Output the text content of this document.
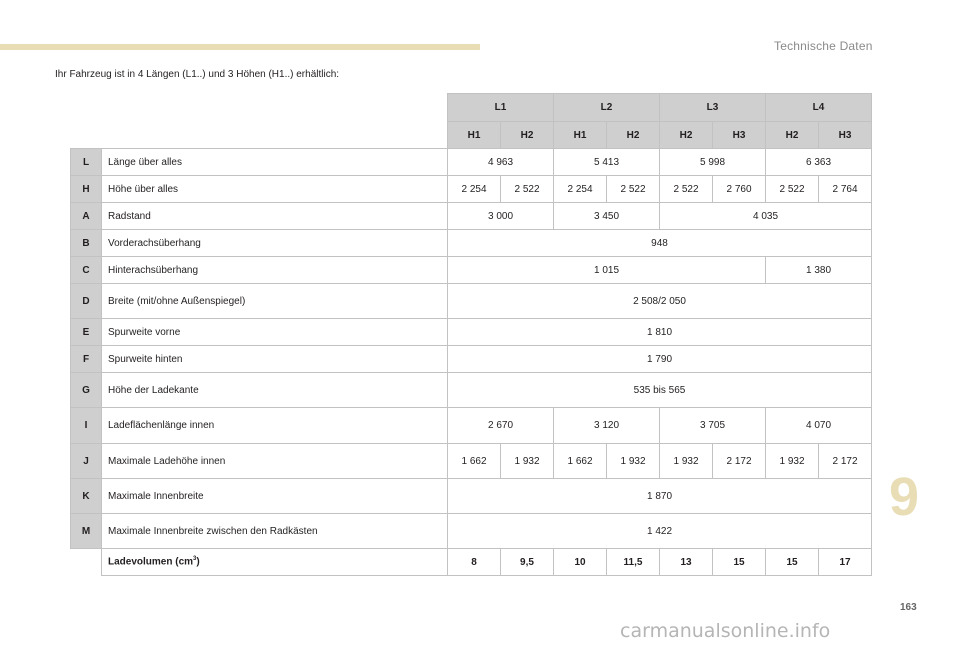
Technische Daten
Ihr Fahrzeug ist in 4 Längen (L1..) und 3 Höhen (H1..) erhältlich:
		L1		L2		L3		L4	
		H1	H2	H1	H2	H2	H3	H2	H3
L	Länge über alles	4 963		5 413		5 998		6 363	
H	Höhe über alles	2 254	2 522	2 254	2 522	2 522	2 760	2 522	2 764
A	Radstand	3 000		3 450		4 035			
B	Vorderachsüberhang	948							
C	Hinterachsüberhang	1 015						1 380	
D	Breite (mit/ohne Außenspiegel)	2 508/2 050							
E	Spurweite vorne	1 810							
F	Spurweite hinten	1 790							
G	Höhe der Ladekante	535 bis 565							
I	Ladeflächenlänge innen	2 670		3 120		3 705		4 070	
J	Maximale Ladehöhe innen	1 662	1 932	1 662	1 932	1 932	2 172	1 932	2 172
K	Maximale Innenbreite	1 870							
M	Maximale Innenbreite zwischen den Radkästen	1 422							
	Ladevolumen $(cm^3)$	8	9,5	10	11,5	13	15	15	17
9
163
carmanualsonline.info
